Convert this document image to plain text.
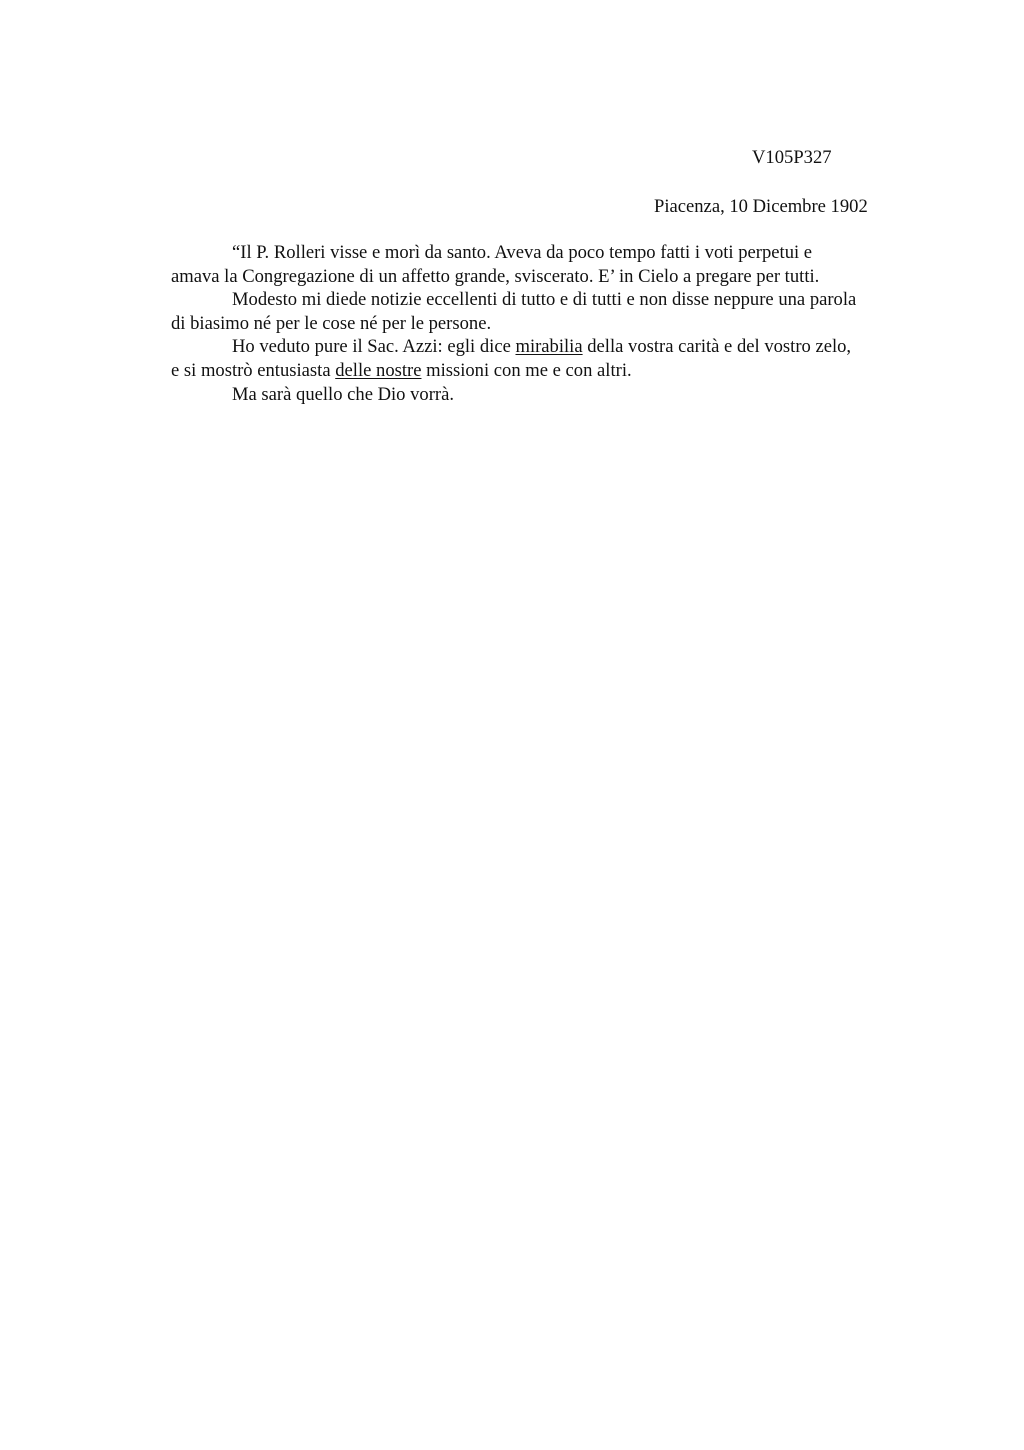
V105P327
Piacenza, 10 Dicembre 1902

“Il P. Rolleri visse e morì da santo. Aveva da poco tempo fatti i voti perpetui e
amava la Congregazione di un affetto grande, sviscerato. E’ in Cielo a pregare per tutti.

Modesto mi diede notizie eccellenti di tutto e di tutti e non disse neppure una parola
di biasimo né per le cose né per le persone.

Ho veduto pure il Sac. Azzi: egli dice mirabilia della vostra carità e del vostro zelo,
e si mostrò entusiasta delle nostre missioni con me e con altri.

Ma sarà quello che Dio vorrà.
